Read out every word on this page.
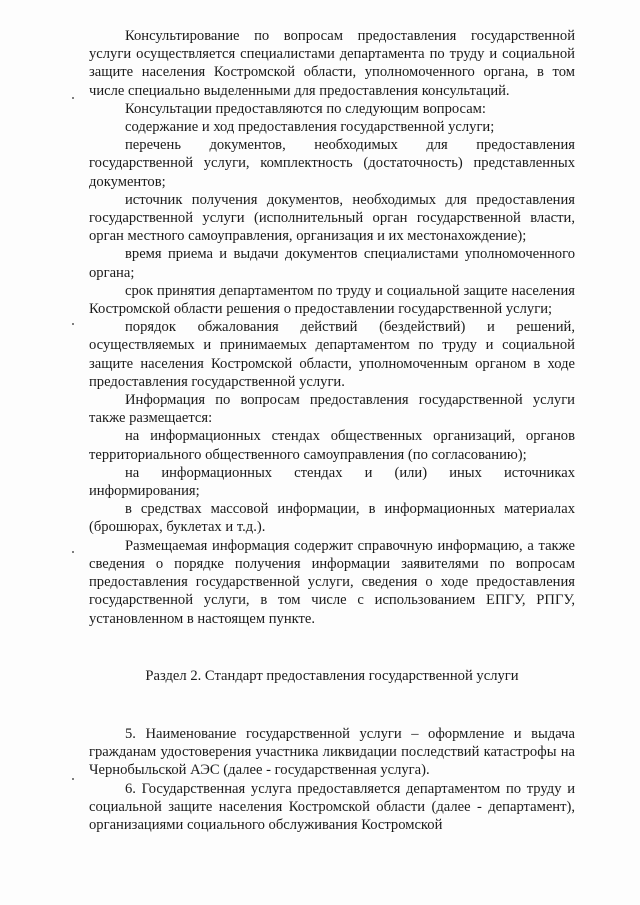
Консультирование по вопросам предоставления государственной услуги осуществляется специалистами департамента по труду и социальной защите населения Костромской области, уполномоченного органа, в том числе специально выделенными для предоставления консультаций.

Консультации предоставляются по следующим вопросам:

содержание и ход предоставления государственной услуги;

перечень документов, необходимых для предоставления государственной услуги, комплектность (достаточность) представленных документов;

источник получения документов, необходимых для предоставления государственной услуги (исполнительный орган государственной власти, орган местного самоуправления, организация и их местонахождение);

время приема и выдачи документов специалистами уполномоченного органа;

срок принятия департаментом по труду и социальной защите населения Костромской области решения о предоставлении государственной услуги;

порядок обжалования действий (бездействий) и решений, осуществляемых и принимаемых департаментом по труду и социальной защите населения Костромской области, уполномоченным органом в ходе предоставления государственной услуги.

Информация по вопросам предоставления государственной услуги также размещается:

на информационных стендах общественных организаций, органов территориального общественного самоуправления (по согласованию);

на информационных стендах и (или) иных источниках информирования;

в средствах массовой информации, в информационных материалах (брошюрах, буклетах и т.д.).

Размещаемая информация содержит справочную информацию, а также сведения о порядке получения информации заявителями по вопросам предоставления государственной услуги, сведения о ходе предоставления государственной услуги, в том числе с использованием ЕПГУ, РПГУ, установленном в настоящем пункте.

Раздел 2. Стандарт предоставления государственной услуги

5. Наименование государственной услуги – оформление и выдача гражданам удостоверения участника ликвидации последствий катастрофы на Чернобыльской АЭС (далее - государственная услуга).

6. Государственная услуга предоставляется департаментом по труду и социальной защите населения Костромской области (далее - департамент), организациями социального обслуживания Костромской
